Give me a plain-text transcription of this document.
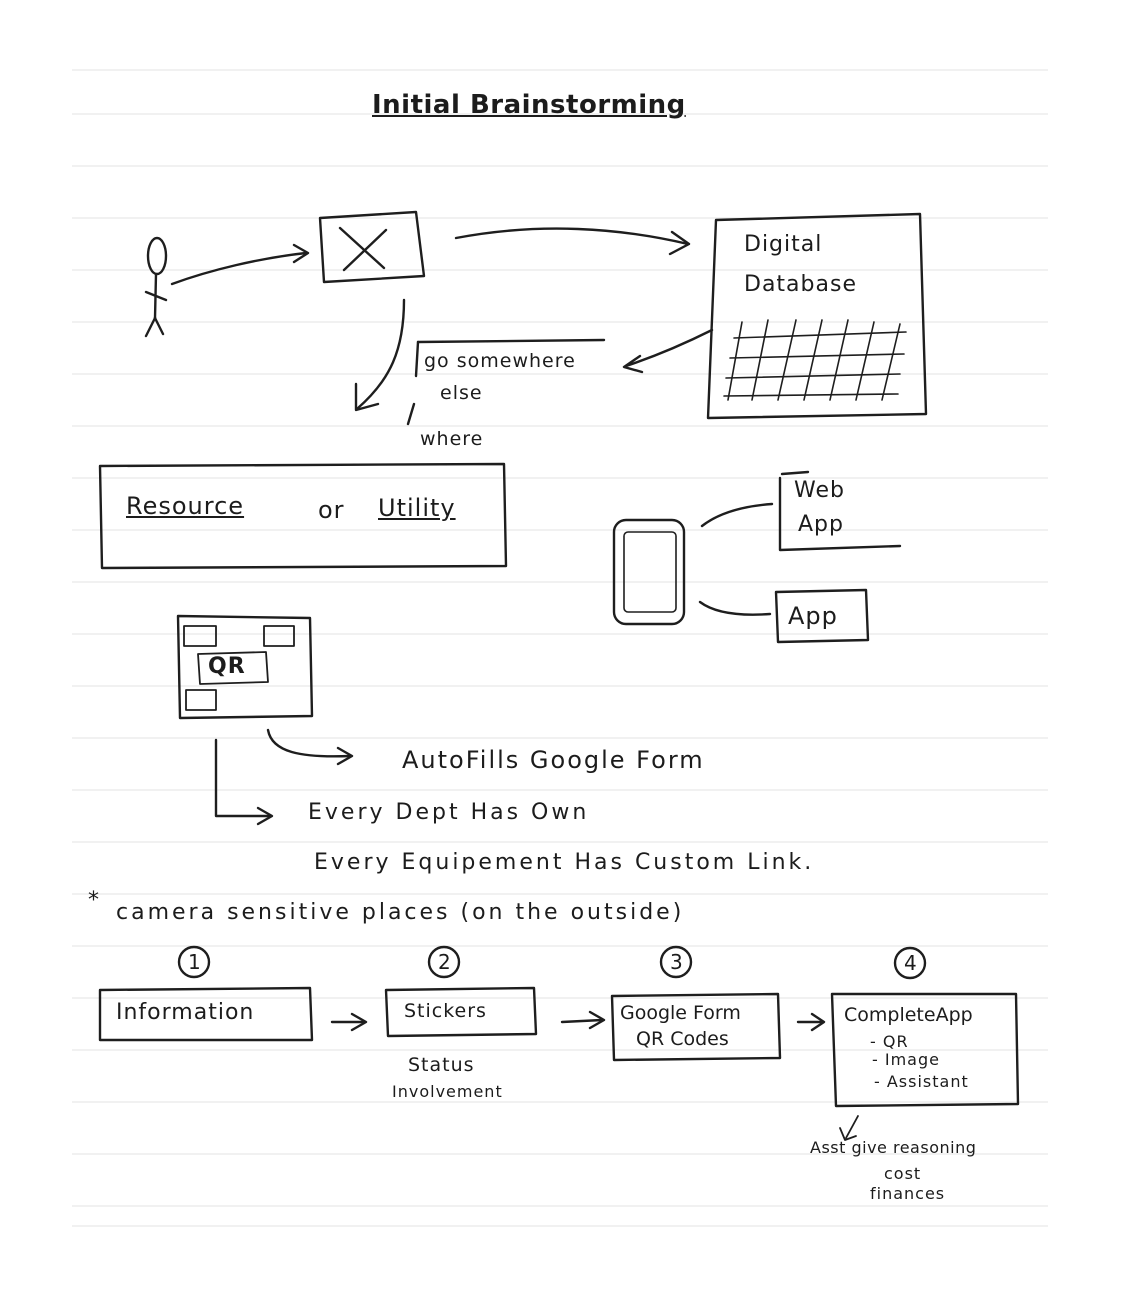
Initial Brainstorming
Digital
Database
go somewhere
else
where
Resource	or Utility
Web
App
App
QR
AutoFills Google Form
Every Dept Has Own
Every Equipement Has Custom Link.
* camera sensitive places (on the outside)
1	2	3	4
Information	Stickers	Google Form
QR Codes
CompleteApp
- QR
- Image
- Assistant
Status
Involvement
Asst give reasoning
cost
finances
